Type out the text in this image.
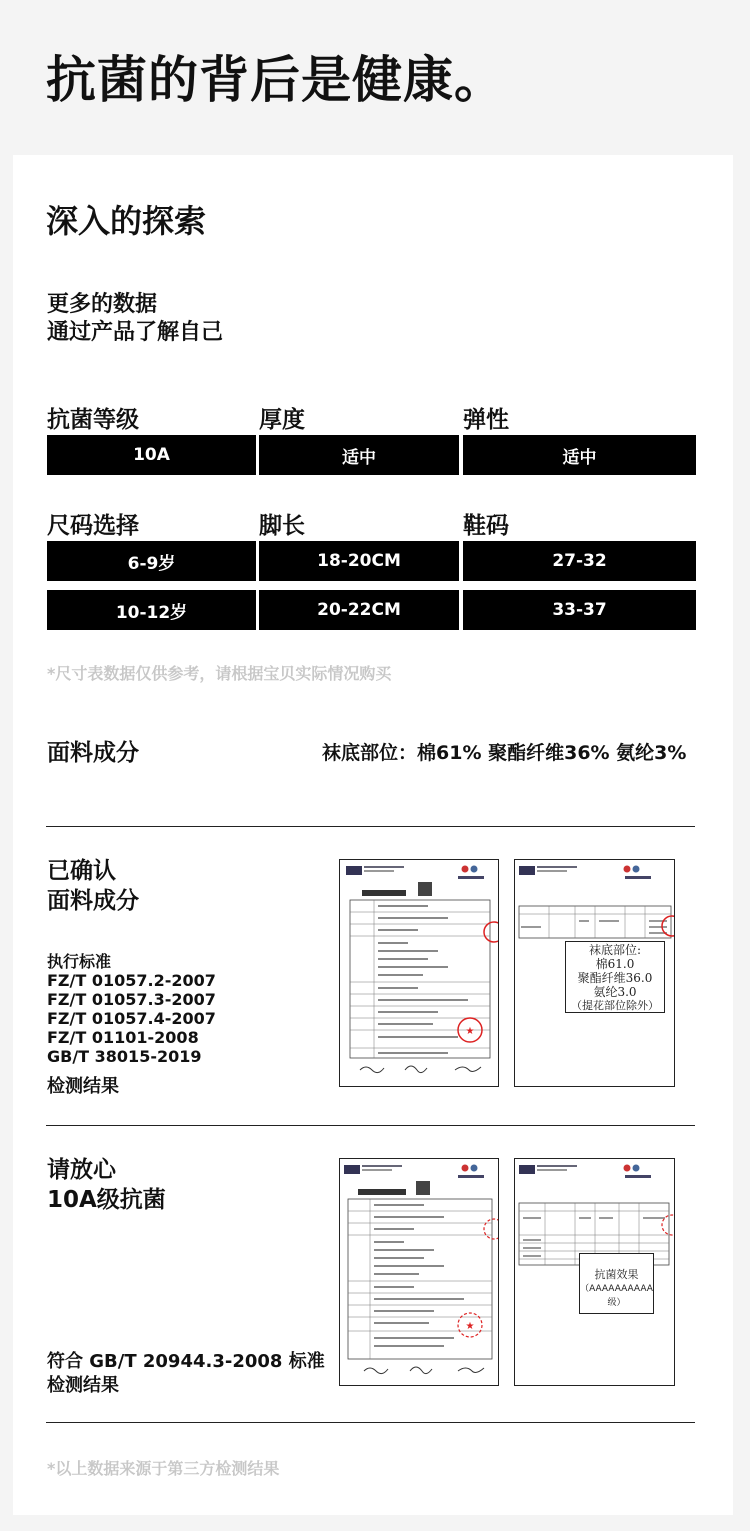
抗菌的背后是健康。
深入的探索
更多的数据
通过产品了解自己
抗菌等级	厚度	弹性
10A	适中	适中
尺码选择	脚长	鞋码
6-9岁	18-20CM	27-32
10-12岁	20-22CM	33-37
*尺寸表数据仅供参考，请根据宝贝实际情况购买
面料成分	袜底部位：棉61% 聚酯纤维36% 氨纶3%
已确认
面料成分
执行标准
FZ/T 01057.2-2007
FZ/T 01057.3-2007
FZ/T 01057.4-2007
FZ/T 01101-2008
GB/T 38015-2019
检测结果
★
袜底部位:
棉61.0
聚酯纤维36.0
氨纶3.0
（提花部位除外）
请放心
10A级抗菌
符合 GB/T 20944.3-2008 标准
检测结果
★
抗菌效果
（AAAAAAAAAA级）
*以上数据来源于第三方检测结果
